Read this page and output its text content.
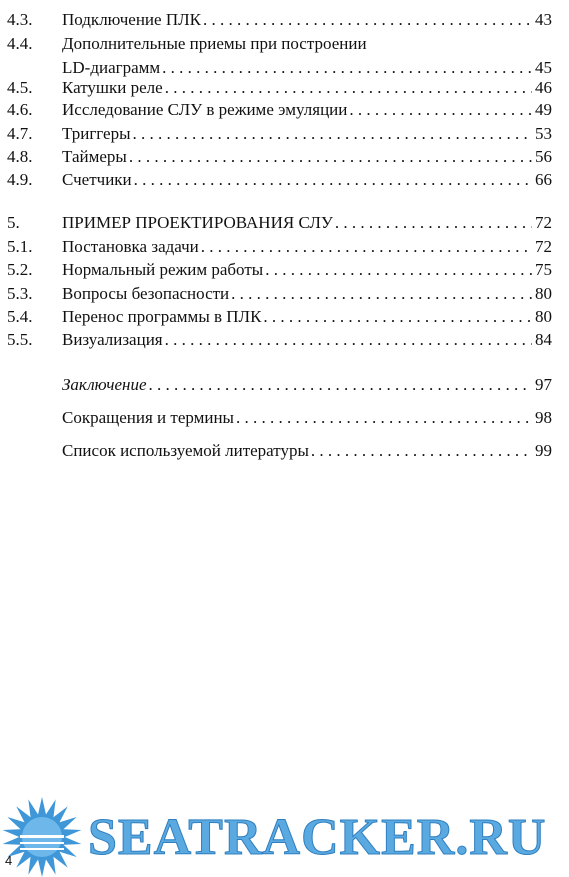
4.3. Подключение ПЛК . . .	43
4.4. Дополнительные приемы при построении
LD-диаграмм . . .	45
4.5. Катушки реле . . .	46
4.6. Исследование СЛУ в режиме эмуляции . . .	49
4.7. Триггеры . . .	53
4.8. Таймеры . . .	56
4.9. Счетчики . . .	66
5. ПРИМЕР ПРОЕКТИРОВАНИЯ СЛУ . . .	72
5.1. Постановка задачи . . .	72
5.2. Нормальный режим работы . . .	75
5.3. Вопросы безопасности . . .	80
5.4. Перенос программы в ПЛК . . .	80
5.5. Визуализация . . .	84
Заключение . . .	97
Сокращения и термины . . .	98
Список используемой литературы . . .	99
SEATRACKER.RU
4
